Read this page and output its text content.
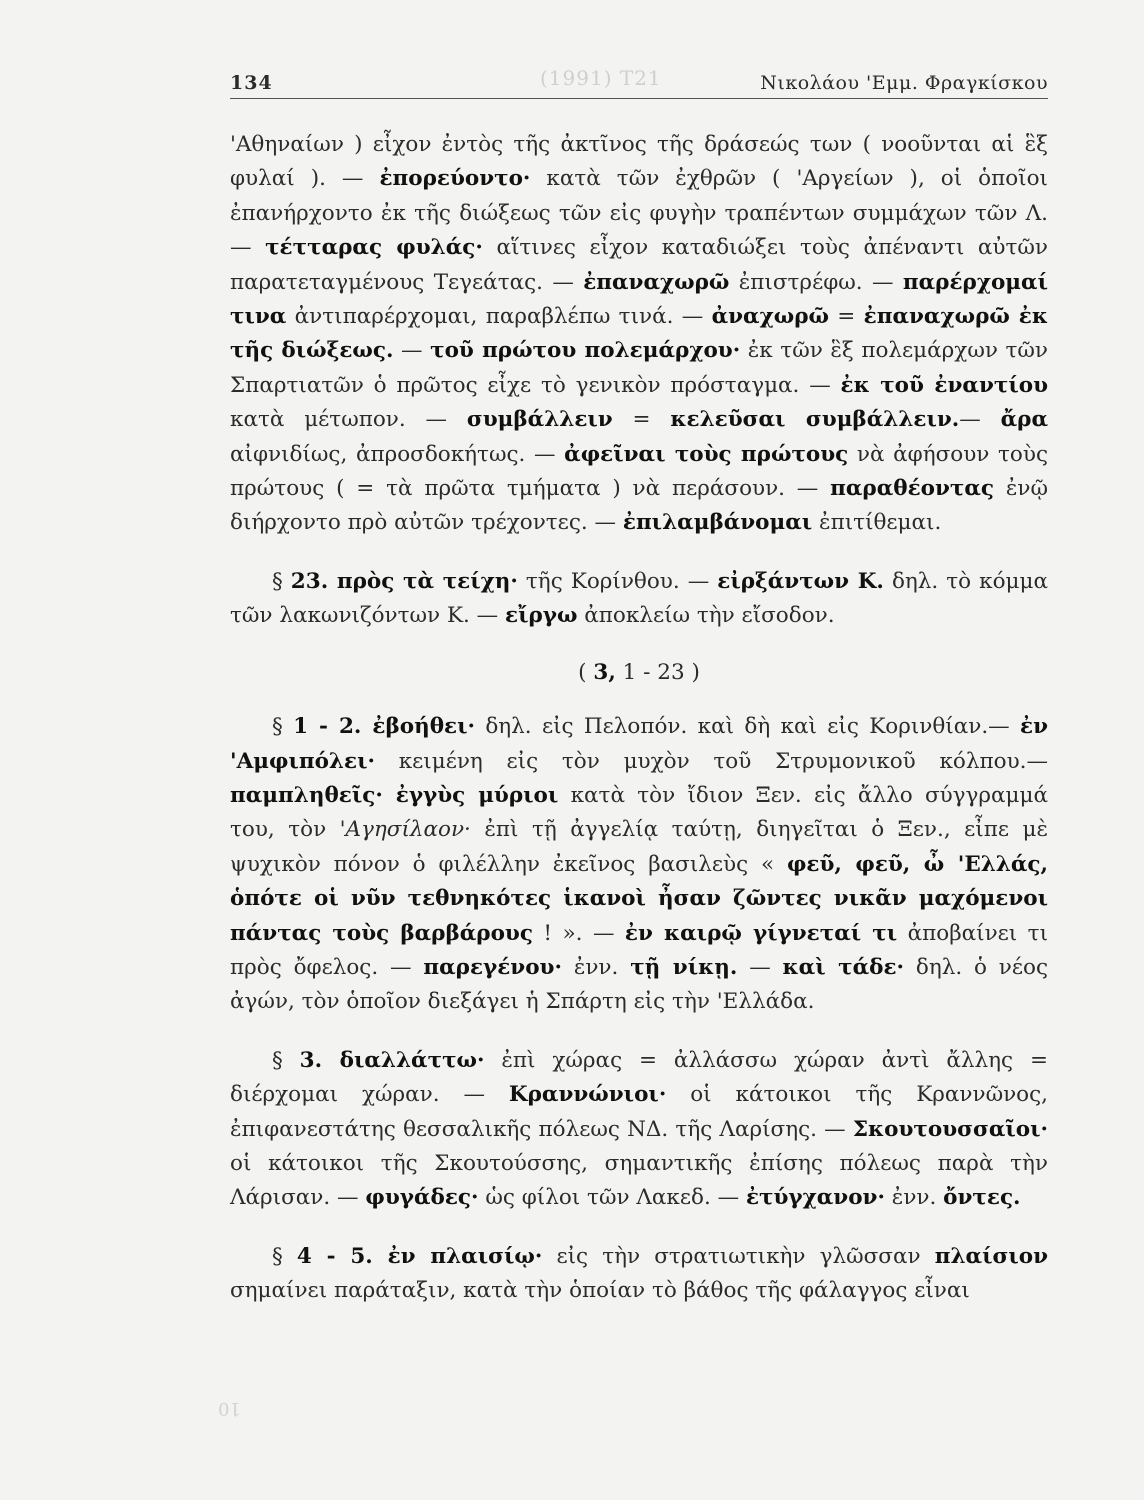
(1991) T21
134	Νικολάου 'Εμμ. Φραγκίσκου

'Αθηναίων ) εἶχον ἐντὸς τῆς ἀκτῖνος τῆς δράσεώς των ( νοοῦνται αἱ ἓξ φυλαί ). — ἐπορεύοντο· κατὰ τῶν ἐχθρῶν ( 'Αργείων ), οἱ ὁποῖοι ἐπανήρχοντο ἐκ τῆς διώξεως τῶν εἰς φυγὴν τραπέντων συμμάχων τῶν Λ. — τέτταρας φυλάς· αἵτινες εἶχον καταδιώξει τοὺς ἀπέναντι αὐτῶν παρατεταγμένους Τεγεάτας. — ἐπαναχωρῶ ἐπιστρέφω. — παρέρχομαί τινα ἀντιπαρέρχομαι, παραβλέπω τινά. — ἀναχωρῶ = ἐπαναχωρῶ ἐκ τῆς διώξεως. — τοῦ πρώτου πολεμάρχου· ἐκ τῶν ἓξ πολεμάρχων τῶν Σπαρτιατῶν ὁ πρῶτος εἶχε τὸ γενικὸν πρόσταγμα. — ἐκ τοῦ ἐναντίου κατὰ μέτωπον. — συμβάλλειν = κελεῦσαι συμβάλλειν.— ἄρα αἰφνιδίως, ἀπροσδοκήτως. — ἀφεῖναι τοὺς πρώτους νὰ ἀφήσουν τοὺς πρώτους ( = τὰ πρῶτα τμήματα ) νὰ περάσουν. — παραθέοντας ἐνῷ διήρχοντο πρὸ αὐτῶν τρέχοντες. — ἐπιλαμβάνομαι ἐπιτίθεμαι.

§ 23. πρὸς τὰ τείχη· τῆς Κορίνθου. — εἰρξάντων Κ. δηλ. τὸ κόμμα τῶν λακωνιζόντων Κ. — εἴργω ἀποκλείω τὴν εἴσοδον.

( 3, 1 - 23 )

§ 1 - 2. ἐβοήθει· δηλ. εἰς Πελοπόν. καὶ δὴ καὶ εἰς Κορινθίαν.— ἐν 'Αμφιπόλει· κειμένη εἰς τὸν μυχὸν τοῦ Στρυμονικοῦ κόλπου.— παμπληθεῖς· ἐγγὺς μύριοι κατὰ τὸν ἴδιον Ξεν. εἰς ἄλλο σύγγραμμά του, τὸν 'Αγησίλαον· ἐπὶ τῇ ἀγγελίᾳ ταύτῃ, διηγεῖται ὁ Ξεν., εἶπε μὲ ψυχικὸν πόνον ὁ φιλέλλην ἐκεῖνος βασιλεὺς « φεῦ, φεῦ, ὦ 'Ελλάς, ὁπότε οἱ νῦν τεθνηκότες ἱκανοὶ ἦσαν ζῶντες νικᾶν μαχόμενοι πάντας τοὺς βαρβάρους ! ». — ἐν καιρῷ γίγνεταί τι ἀποβαίνει τι πρὸς ὄφελος. — παρεγένου· ἐνν. τῇ νίκῃ. — καὶ τάδε· δηλ. ὁ νέος ἀγών, τὸν ὁποῖον διεξάγει ἡ Σπάρτη εἰς τὴν 'Ελλάδα.

§ 3. διαλλάττω· ἐπὶ χώρας = ἀλλάσσω χώραν ἀντὶ ἄλλης = διέρχομαι χώραν. — Κραννώνιοι· οἱ κάτοικοι τῆς Κραννῶνος, ἐπιφανεστάτης θεσσαλικῆς πόλεως ΝΔ. τῆς Λαρίσης. — Σκουτουσσαῖοι· οἱ κάτοικοι τῆς Σκουτούσσης, σημαντικῆς ἐπίσης πόλεως παρὰ τὴν Λάρισαν. — φυγάδες· ὡς φίλοι τῶν Λακεδ. — ἐτύγχανον· ἐνν. ὄντες.

§ 4 - 5. ἐν πλαισίῳ· εἰς τὴν στρατιωτικὴν γλῶσσαν πλαίσιον σημαίνει παράταξιν, κατὰ τὴν ὁποίαν τὸ βάθος τῆς φάλαγγος εἶναι

10
